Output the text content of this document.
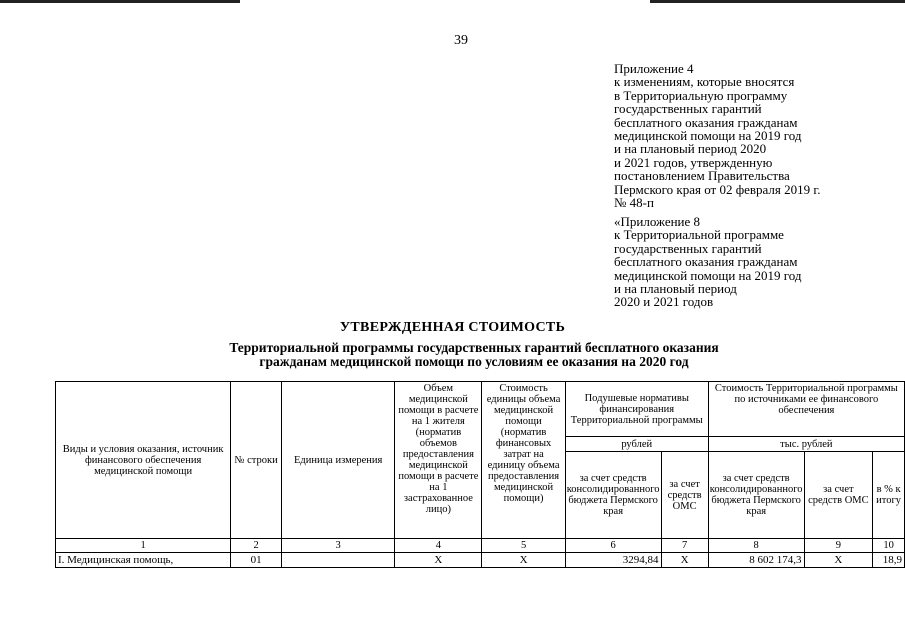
39
Приложение 4
к изменениям, которые вносятся
в Территориальную программу
государственных гарантий
бесплатного оказания гражданам
медицинской помощи на 2019 год
и на плановый период 2020
и 2021 годов, утвержденную
постановлением Правительства
Пермского края от 02 февраля 2019 г.
№ 48-п
«Приложение 8
к Территориальной программе
государственных гарантий
бесплатного оказания гражданам
медицинской помощи на 2019 год
и на плановый период
2020 и 2021 годов
УТВЕРЖДЕННАЯ СТОИМОСТЬ
Территориальной программы государственных гарантий бесплатного оказания
гражданам медицинской помощи по условиям ее оказания на 2020 год
Виды и условия оказания, источник финансового обеспечения медицинской помощи	№ строки	Единица измерения	Объем медицинской помощи в расчете на 1 жителя (норматив объемов предоставления медицинской помощи в расчете на 1 застрахованное лицо)	Стоимость единицы объема медицинской помощи (норматив финансовых затрат на единицу объема предоставления медицинской помощи)	Подушевые нормативы финансирования Территориальной программы		Стоимость Территориальной программы по источниками ее финансового обеспечения		
					рублей		тыс. рублей		
					за счет средств консолидированного бюджета Пермского края	за счет средств ОМС	за счет средств консолидированного бюджета Пермского края	за счет средств ОМС	в % к итогу
1	2	3	4	5	6	7	8	9	10
I. Медицинская помощь,	01		X	X	3294,84	X	8 602 174,3	X	18,9
